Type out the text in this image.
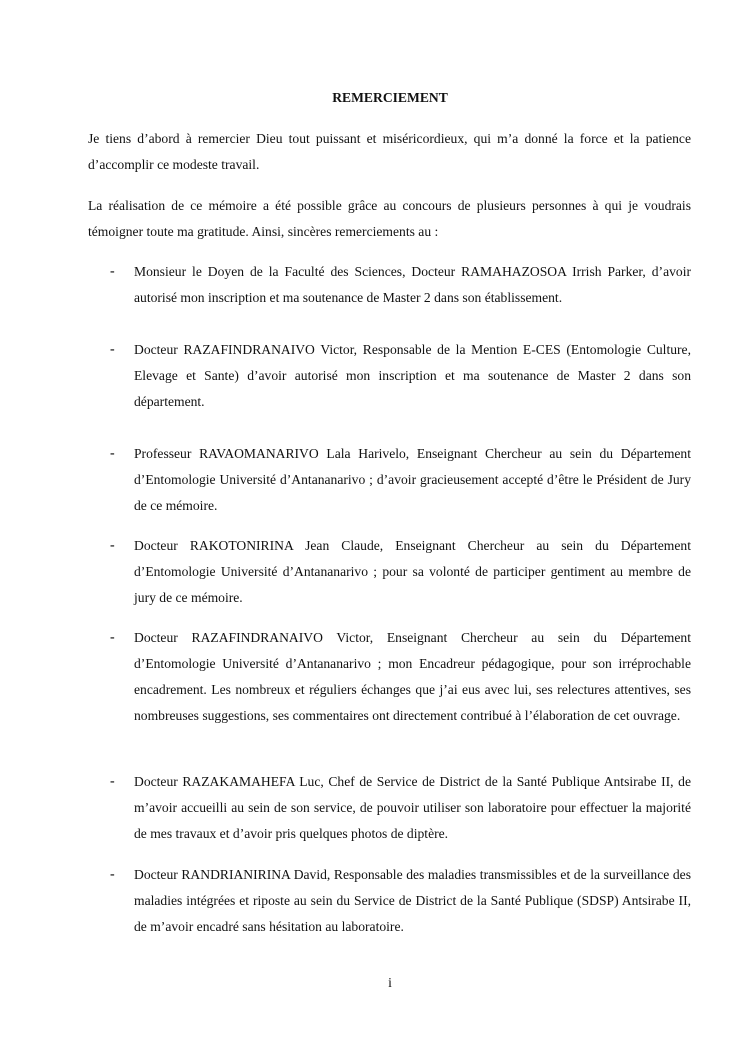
REMERCIEMENT

Je tiens d’abord à remercier Dieu tout puissant et miséricordieux, qui m’a donné la force et la patience d’accomplir ce modeste travail.

La réalisation de ce mémoire a été possible grâce au concours de plusieurs personnes à qui je voudrais témoigner toute ma gratitude. Ainsi, sincères remerciements au :

- Monsieur le Doyen de la Faculté des Sciences, Docteur RAMAHAZOSOA Irrish Parker, d’avoir autorisé mon inscription et ma soutenance de Master 2 dans son établissement.
- Docteur RAZAFINDRANAIVO Victor, Responsable de la Mention E-CES (Entomologie Culture, Elevage et Sante) d’avoir autorisé mon inscription et ma soutenance de Master 2 dans son département.
- Professeur RAVAOMANARIVO Lala Harivelo, Enseignant Chercheur au sein du Département d’Entomologie Université d’Antananarivo ; d’avoir gracieusement accepté d’être le Président de Jury de ce mémoire.
- Docteur RAKOTONIRINA Jean Claude, Enseignant Chercheur au sein du Département d’Entomologie Université d’Antananarivo ; pour sa volonté de participer gentiment au membre de jury de ce mémoire.
- Docteur RAZAFINDRANAIVO Victor, Enseignant Chercheur au sein du Département d’Entomologie Université d’Antananarivo ; mon Encadreur pédagogique, pour son irréprochable encadrement. Les nombreux et réguliers échanges que j’ai eus avec lui, ses relectures attentives, ses nombreuses suggestions, ses commentaires ont directement contribué à l’élaboration de cet ouvrage.
- Docteur RAZAKAMAHEFA Luc, Chef de Service de District de la Santé Publique Antsirabe II, de m’avoir accueilli au sein de son service, de pouvoir utiliser son laboratoire pour effectuer la majorité de mes travaux et d’avoir pris quelques photos de diptère.
- Docteur RANDRIANIRINA David, Responsable des maladies transmissibles et de la surveillance des maladies intégrées et riposte au sein du Service de District de la Santé Publique (SDSP) Antsirabe II, de m’avoir encadré sans hésitation au laboratoire.
i
